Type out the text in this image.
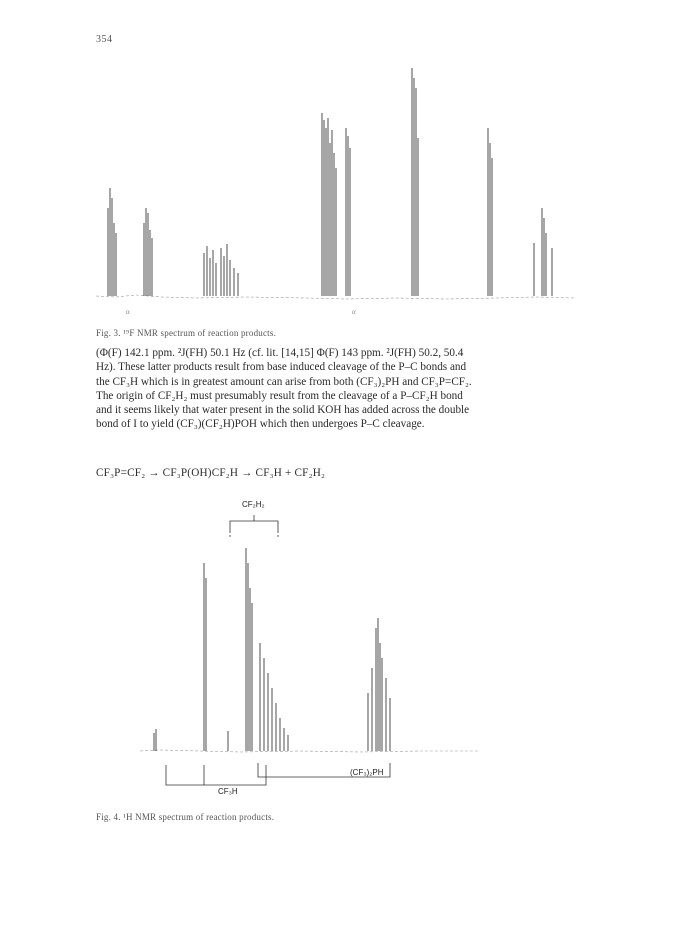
354
α	α
Fig. 3. ¹⁹F NMR spectrum of reaction products.
(Φ(F) 142.1 ppm. ²J(FH) 50.1 Hz (cf. lit. [14,15] Φ(F) 143 ppm. ²J(FH) 50.2, 50.4
Hz). These latter products result from base induced cleavage of the P–C bonds and
the CF₃H which is in greatest amount can arise from both (CF₃)₂PH and CF₃P=CF₂.
The origin of CF₂H₂ must presumably result from the cleavage of a P–CF₂H bond
and it seems likely that water present in the solid KOH has added across the double
bond of I to yield (CF₃)(CF₂H)POH which then undergoes P–C cleavage.
CF₃P=CF₂ → CF₃P(OH)CF₂H → CF₃H + CF₂H₂
CF₂H₂
CF₃H
(CF₃)₂PH
Fig. 4. ¹H NMR spectrum of reaction products.
